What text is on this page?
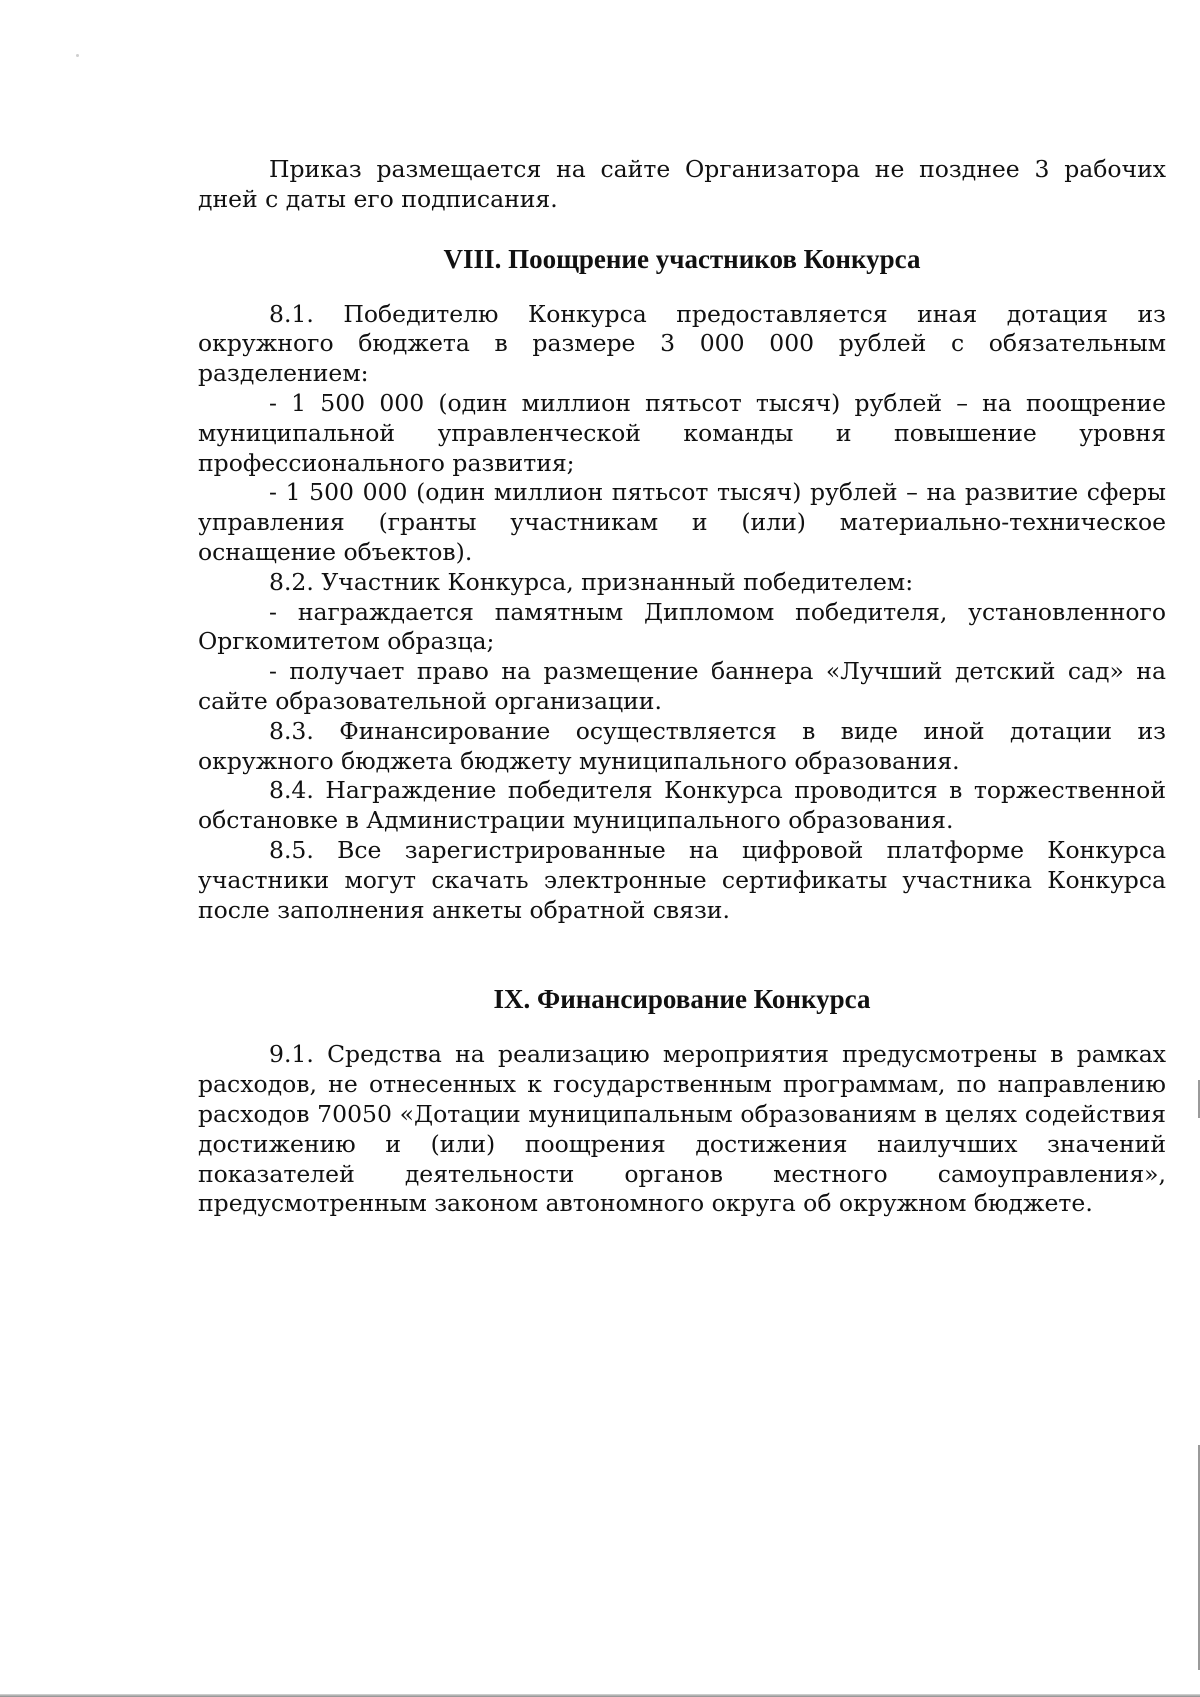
Приказ размещается на сайте Организатора не позднее 3 рабочих дней с даты его подписания.

VIII. Поощрение участников Конкурса

8.1. Победителю Конкурса предоставляется иная дотация из окружного бюджета в размере 3 000 000 рублей с обязательным разделением:

- 1 500 000 (один миллион пятьсот тысяч) рублей – на поощрение муниципальной управленческой команды и повышение уровня профессионального развития;

- 1 500 000 (один миллион пятьсот тысяч) рублей – на развитие сферы управления (гранты участникам и (или) материально-техническое оснащение объектов).

8.2. Участник Конкурса, признанный победителем:

- награждается памятным Дипломом победителя, установленного Оргкомитетом образца;

- получает право на размещение баннера «Лучший детский сад» на сайте образовательной организации.

8.3. Финансирование осуществляется в виде иной дотации из окружного бюджета бюджету муниципального образования.

8.4. Награждение победителя Конкурса проводится в торжественной обстановке в Администрации муниципального образования.

8.5. Все зарегистрированные на цифровой платформе Конкурса участники могут скачать электронные сертификаты участника Конкурса после заполнения анкеты обратной связи.

IX. Финансирование Конкурса

9.1. Средства на реализацию мероприятия предусмотрены в рамках расходов, не отнесенных к государственным программам, по направлению расходов 70050 «Дотации муниципальным образованиям в целях содействия достижению и (или) поощрения достижения наилучших значений показателей деятельности органов местного самоуправления», предусмотренным законом автономного округа об окружном бюджете.
